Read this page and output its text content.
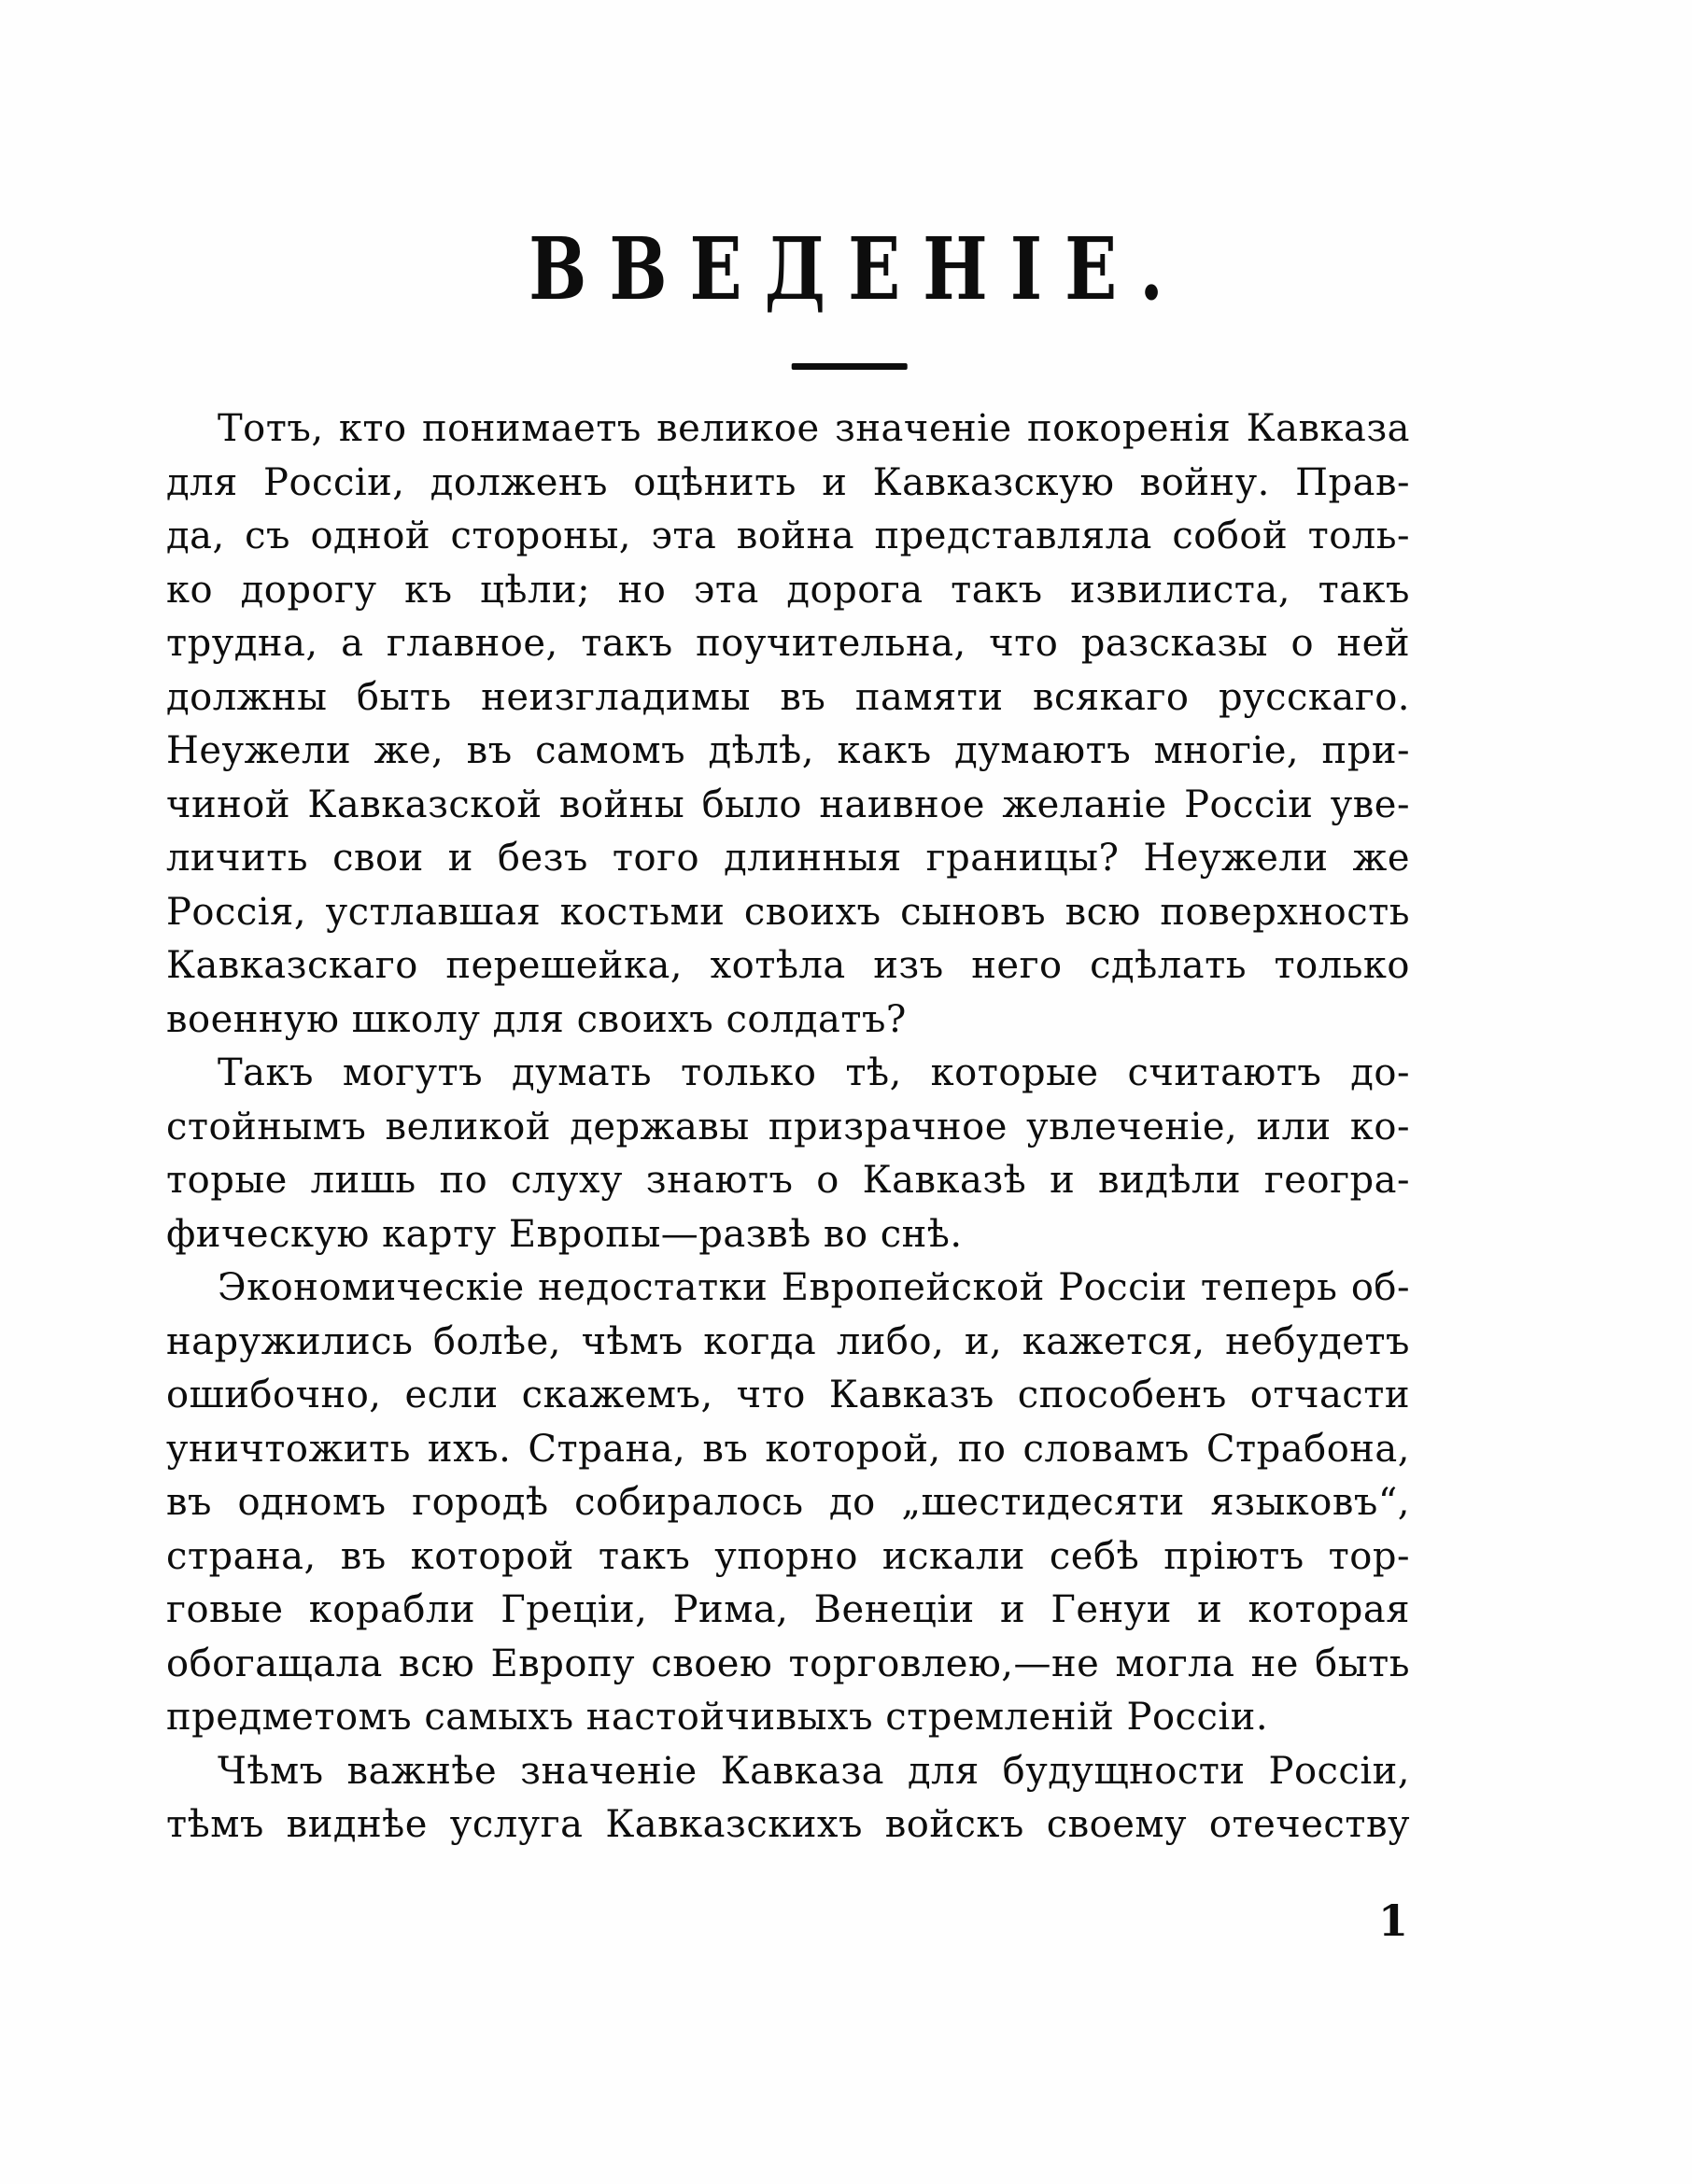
ВВЕДЕНІЕ.
Тотъ, кто понимаетъ великое значеніе покоренія Кавказа
для Россіи, долженъ оцѣнить и Кавказскую войну. Прав-
да, съ одной стороны, эта война представляла собой толь-
ко дорогу къ цѣли; но эта дорога такъ извилиста, такъ
трудна, а главное, такъ поучительна, что разсказы о ней
должны быть неизгладимы въ памяти всякаго русскаго.
Неужели же, въ самомъ дѣлѣ, какъ думаютъ многіе, при-
чиной Кавказской войны было наивное желаніе Россіи уве-
личить свои и безъ того длинныя границы? Неужели же
Россія, устлавшая костьми своихъ сыновъ всю поверхность
Кавказскаго перешейка, хотѣла изъ него сдѣлать только
военную школу для своихъ солдатъ?
Такъ могутъ думать только тѣ, которые считаютъ до-
стойнымъ великой державы призрачное увлеченіе, или ко-
торые лишь по слуху знаютъ о Кавказѣ и видѣли геогра-
фическую карту Европы—развѣ во снѣ.
Экономическіе недостатки Европейской Россіи теперь об-
наружились болѣе, чѣмъ когда либо, и, кажется, небудетъ
ошибочно, если скажемъ, что Кавказъ способенъ отчасти
уничтожить ихъ. Страна, въ которой, по словамъ Страбона,
въ одномъ городѣ собиралось до „шестидесяти языковъ“,
страна, въ которой такъ упорно искали себѣ пріютъ тор-
говые корабли Греціи, Рима, Венеціи и Генуи и которая
обогащала всю Европу своею торговлею,—не могла не быть
предметомъ самыхъ настойчивыхъ стремленій Россіи.
Чѣмъ важнѣе значеніе Кавказа для будущности Россіи,
тѣмъ виднѣе услуга Кавказскихъ войскъ своему отечеству
1
